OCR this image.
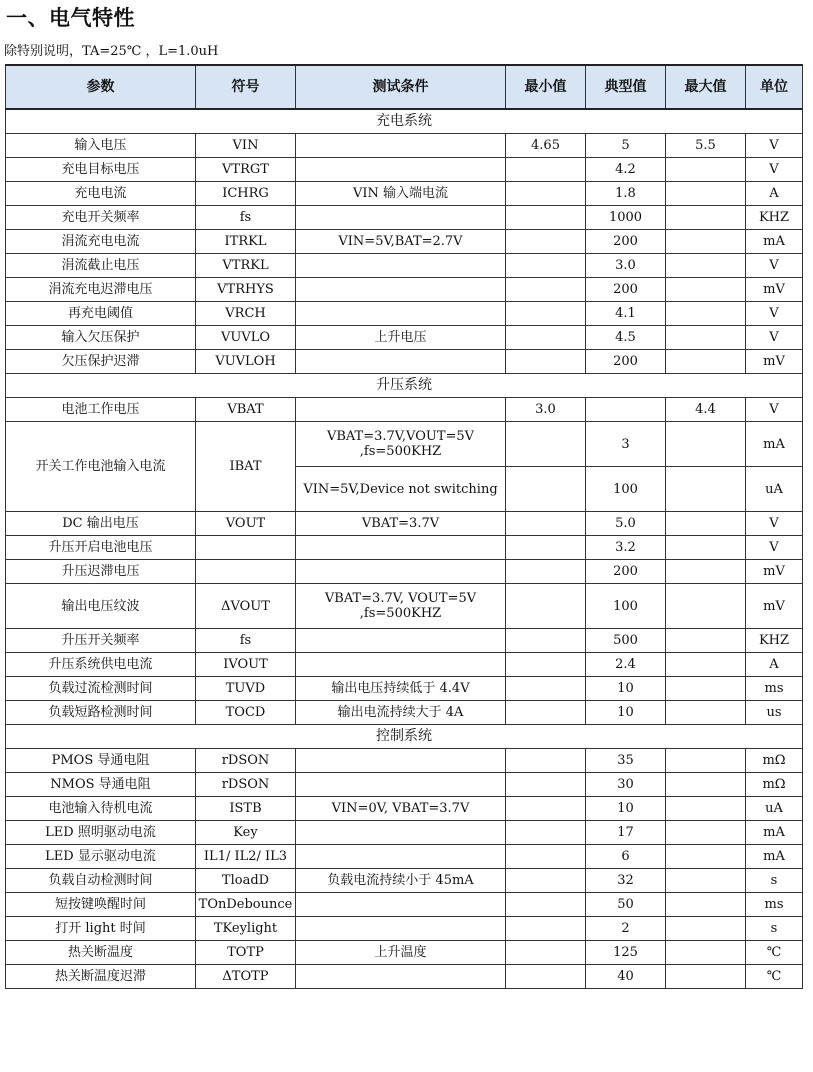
一、电气特性
除特别说明，TA=25℃ ，L=1.0uH
参数	符号	测试条件	最小值	典型值	最大值	单位
充电系统						
输入电压	VIN		4.65	5	5.5	V
充电目标电压	VTRGT			4.2		V
充电电流	ICHRG	VIN 输入端电流		1.8		A
充电开关频率	fs			1000		KHZ
涓流充电电流	ITRKL	VIN=5V,BAT=2.7V		200		mA
涓流截止电压	VTRKL			3.0		V
涓流充电迟滞电压	VTRHYS			200		mV
再充电阈值	VRCH			4.1		V
输入欠压保护	VUVLO	上升电压		4.5		V
欠压保护迟滞	VUVLOH			200		mV
升压系统						
电池工作电压	VBAT		3.0		4.4	V
开关工作电池输入电流	IBAT	VBAT=3.7V,VOUT=5V ,fs=500KHZ		3		mA
		VIN=5V,Device not switching		100		uA
DC 输出电压	VOUT	VBAT=3.7V		5.0		V
升压开启电池电压				3.2		V
升压迟滞电压				200		mV
输出电压纹波	ΔVOUT	VBAT=3.7V, VOUT=5V ,fs=500KHZ		100		mV
升压开关频率	fs			500		KHZ
升压系统供电电流	IVOUT			2.4		A
负载过流检测时间	TUVD	输出电压持续低于 4.4V		10		ms
负载短路检测时间	TOCD	输出电流持续大于 4A		10		us
控制系统						
PMOS 导通电阻	rDSON			35		mΩ
NMOS 导通电阻	rDSON			30		mΩ
电池输入待机电流	ISTB	VIN=0V, VBAT=3.7V		10		uA
LED 照明驱动电流	Key			17		mA
LED 显示驱动电流	IL1/ IL2/ IL3			6		mA
负载自动检测时间	TloadD	负载电流持续小于 45mA		32		s
短按键唤醒时间	TOnDebounce			50		ms
打开 light 时间	TKeylight			2		s
热关断温度	TOTP	上升温度		125		℃
热关断温度迟滞	ΔTOTP			40		℃
